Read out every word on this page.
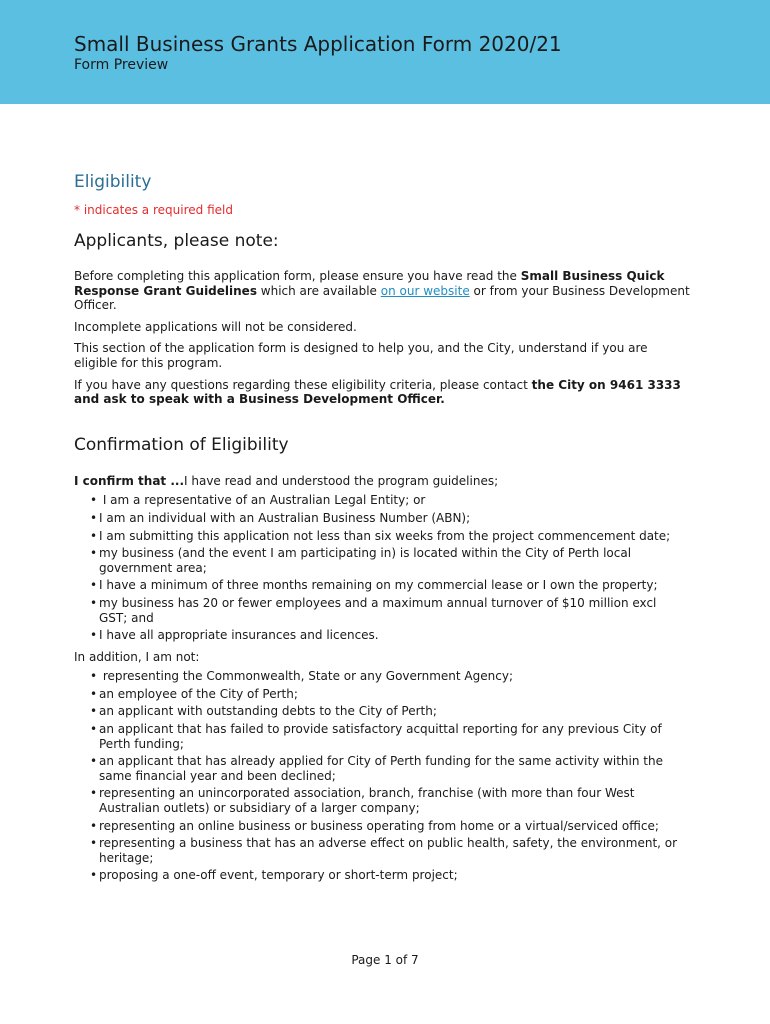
Small Business Grants Application Form 2020/21
Form Preview
Eligibility
* indicates a required field
Applicants, please note:

Before completing this application form, please ensure you have read the Small Business Quick Response Grant Guidelines which are available on our website or from your Business Development Officer.

Incomplete applications will not be considered.

This section of the application form is designed to help you, and the City, understand if you are eligible for this program.

If you have any questions regarding these eligibility criteria, please contact the City on 9461 3333 and ask to speak with a Business Development Officer.

Confirmation of Eligibility

I confirm that ...I have read and understood the program guidelines;

• I am a representative of an Australian Legal Entity; or
• I am an individual with an Australian Business Number (ABN);
• I am submitting this application not less than six weeks from the project commencement date;
• my business (and the event I am participating in) is located within the City of Perth local government area;
• I have a minimum of three months remaining on my commercial lease or I own the property;
• my business has 20 or fewer employees and a maximum annual turnover of $10 million excl GST; and
• I have all appropriate insurances and licences.

In addition, I am not:

• representing the Commonwealth, State or any Government Agency;
• an employee of the City of Perth;
• an applicant with outstanding debts to the City of Perth;
• an applicant that has failed to provide satisfactory acquittal reporting for any previous City of Perth funding;
• an applicant that has already applied for City of Perth funding for the same activity within the same financial year and been declined;
• representing an unincorporated association, branch, franchise (with more than four West Australian outlets) or subsidiary of a larger company;
• representing an online business or business operating from home or a virtual/serviced office;
• representing a business that has an adverse effect on public health, safety, the environment, or heritage;
• proposing a one-off event, temporary or short-term project;
Page 1 of 7
